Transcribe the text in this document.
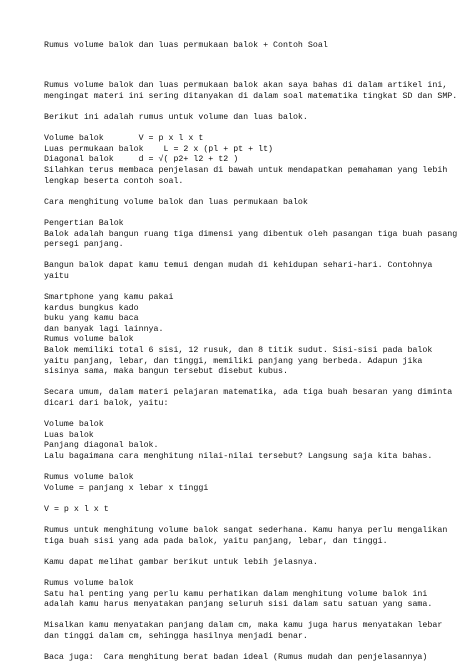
Rumus volume balok dan luas permukaan balok + Contoh Soal
Rumus volume balok dan luas permukaan balok akan saya bahas di dalam artikel ini,
mengingat materi ini sering ditanyakan di dalam soal matematika tingkat SD dan SMP.
Berikut ini adalah rumus untuk volume dan luas balok.
Volume balok       V = p x l x t
Luas permukaan balok    L = 2 x (pl + pt + lt)
Diagonal balok     d = √( p2+ l2 + t2 )
Silahkan terus membaca penjelasan di bawah untuk mendapatkan pemahaman yang lebih
lengkap beserta contoh soal.
Cara menghitung volume balok dan luas permukaan balok
Pengertian Balok
Balok adalah bangun ruang tiga dimensi yang dibentuk oleh pasangan tiga buah pasang
persegi panjang.
Bangun balok dapat kamu temui dengan mudah di kehidupan sehari-hari. Contohnya
yaitu
Smartphone yang kamu pakai
kardus bungkus kado
buku yang kamu baca
dan banyak lagi lainnya.
Rumus volume balok
Balok memiliki total 6 sisi, 12 rusuk, dan 8 titik sudut. Sisi-sisi pada balok
yaitu panjang, lebar, dan tinggi, memiliki panjang yang berbeda. Adapun jika
sisinya sama, maka bangun tersebut disebut kubus.
Secara umum, dalam materi pelajaran matematika, ada tiga buah besaran yang diminta
dicari dari balok, yaitu:
Volume balok
Luas balok
Panjang diagonal balok.
Lalu bagaimana cara menghitung nilai-nilai tersebut? Langsung saja kita bahas.
Rumus volume balok
Volume = panjang x lebar x tinggi
V = p x l x t
Rumus untuk menghitung volume balok sangat sederhana. Kamu hanya perlu mengalikan
tiga buah sisi yang ada pada balok, yaitu panjang, lebar, dan tinggi.
Kamu dapat melihat gambar berikut untuk lebih jelasnya.
Rumus volume balok
Satu hal penting yang perlu kamu perhatikan dalam menghitung volume balok ini
adalah kamu harus menyatakan panjang seluruh sisi dalam satu satuan yang sama.
Misalkan kamu menyatakan panjang dalam cm, maka kamu juga harus menyatakan lebar
dan tinggi dalam cm, sehingga hasilnya menjadi benar.
Baca juga:  Cara menghitung berat badan ideal (Rumus mudah dan penjelasannya)
